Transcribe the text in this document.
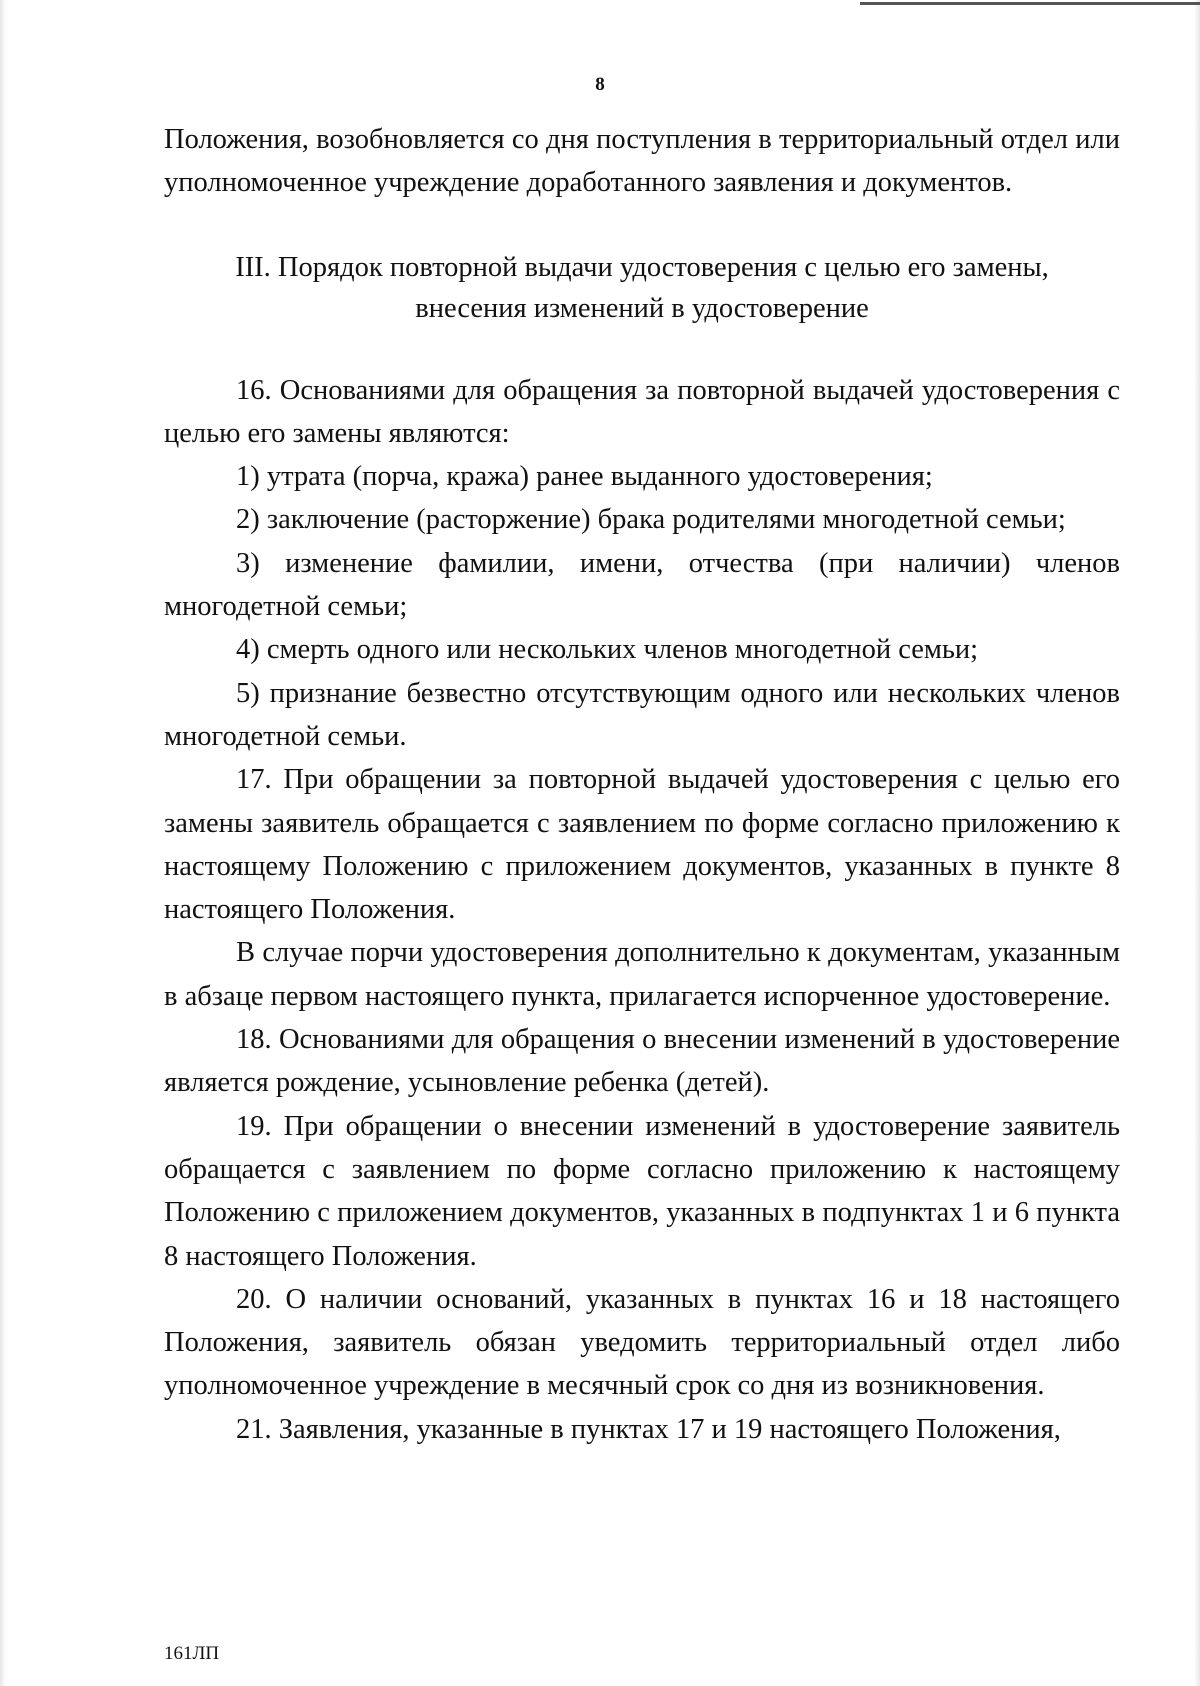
8

Положения, возобновляется со дня поступления в территориальный отдел или уполномоченное учреждение доработанного заявления и документов.

III. Порядок повторной выдачи удостоверения с целью его замены,
внесения изменений в удостоверение

16. Основаниями для обращения за повторной выдачей удостоверения с целью его замены являются:

1) утрата (порча, кража) ранее выданного удостоверения;

2) заключение (расторжение) брака родителями многодетной семьи;

3) изменение фамилии, имени, отчества (при наличии) членов многодетной семьи;

4) смерть одного или нескольких членов многодетной семьи;

5) признание безвестно отсутствующим одного или нескольких членов многодетной семьи.

17. При обращении за повторной выдачей удостоверения с целью его замены заявитель обращается с заявлением по форме согласно приложению к настоящему Положению с приложением документов, указанных в пункте 8 настоящего Положения.

В случае порчи удостоверения дополнительно к документам, указанным в абзаце первом настоящего пункта, прилагается испорченное удостоверение.

18. Основаниями для обращения о внесении изменений в удостоверение является рождение, усыновление ребенка (детей).

19. При обращении о внесении изменений в удостоверение заявитель обращается с заявлением по форме согласно приложению к настоящему Положению с приложением документов, указанных в подпунктах 1 и 6 пункта 8 настоящего Положения.

20. О наличии оснований, указанных в пунктах 16 и 18 настоящего Положения, заявитель обязан уведомить территориальный отдел либо уполномоченное учреждение в месячный срок со дня из возникновения.

21. Заявления, указанные в пунктах 17 и 19 настоящего Положения,

161ЛП
